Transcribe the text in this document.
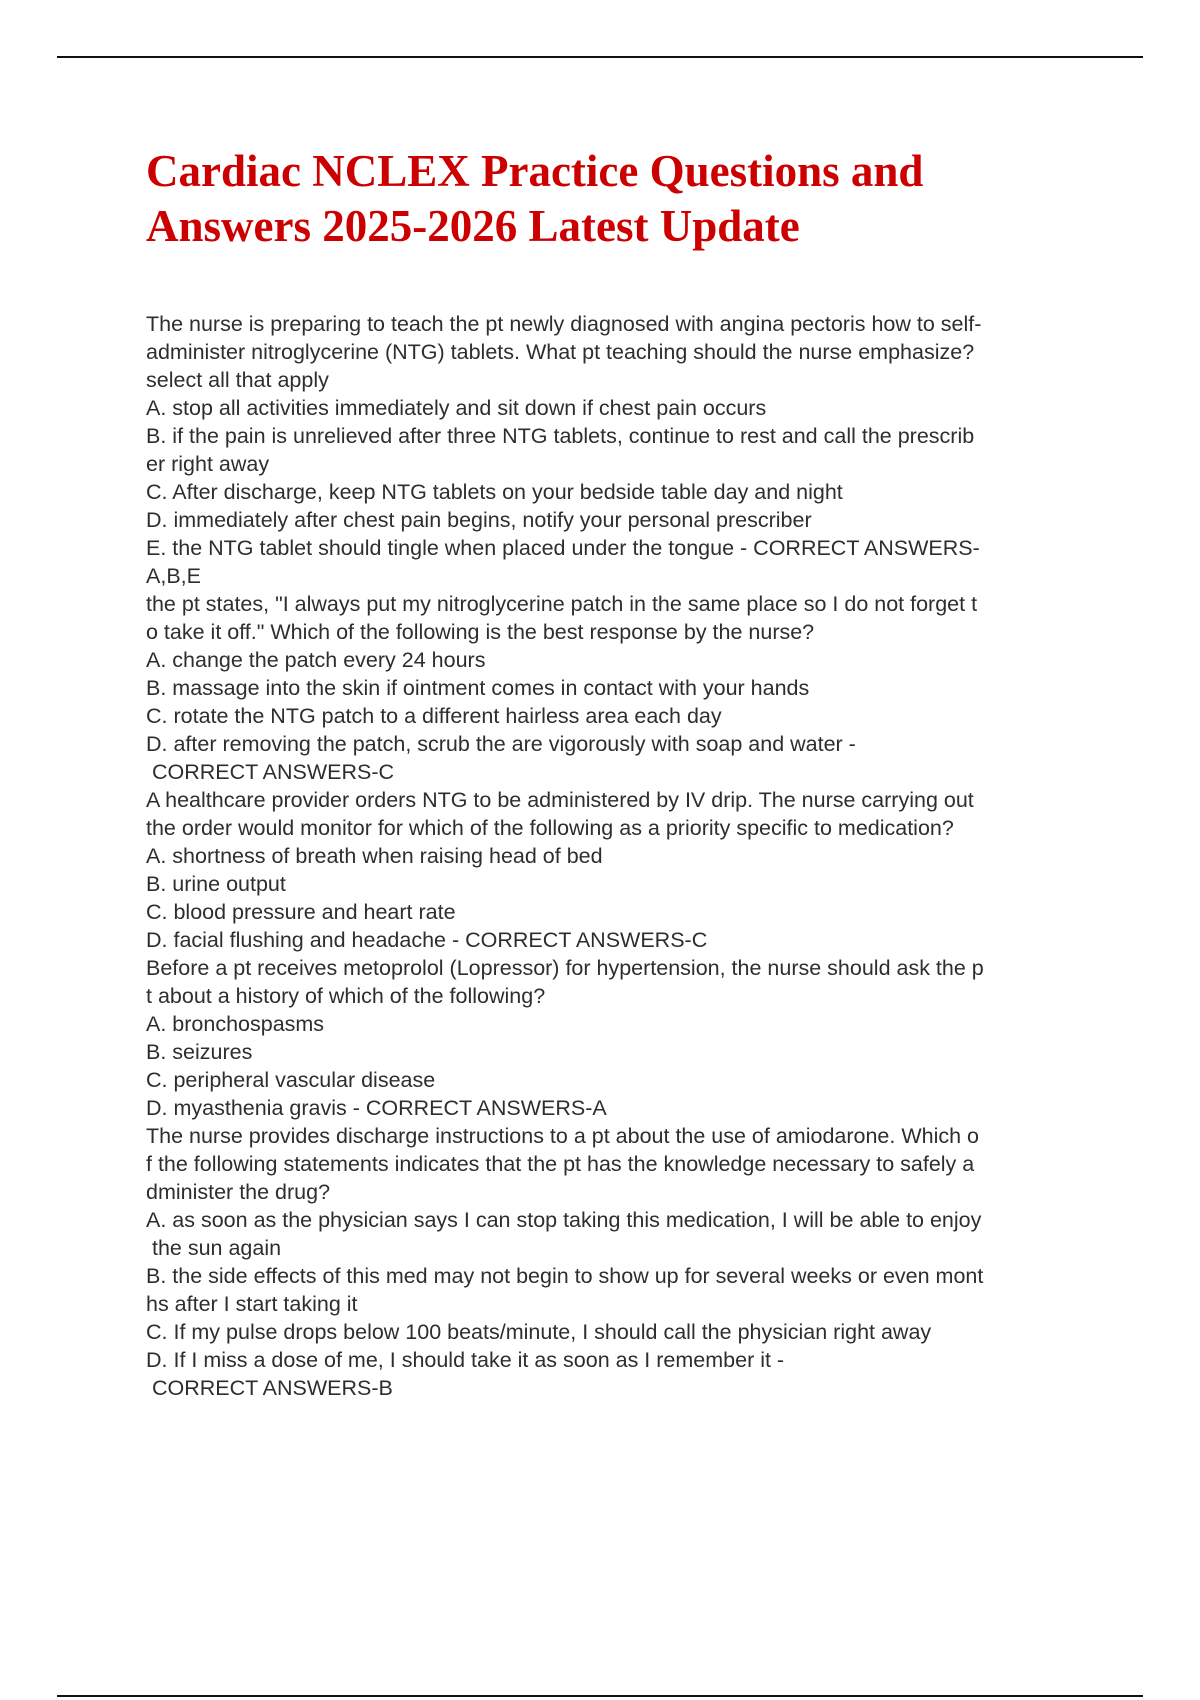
Cardiac NCLEX Practice Questions and
Answers 2025-2026 Latest Update
The nurse is preparing to teach the pt newly diagnosed with angina pectoris how to self-
administer nitroglycerine (NTG) tablets. What pt teaching should the nurse emphasize?
select all that apply
A. stop all activities immediately and sit down if chest pain occurs
B. if the pain is unrelieved after three NTG tablets, continue to rest and call the prescrib
er right away
C. After discharge, keep NTG tablets on your bedside table day and night
D. immediately after chest pain begins, notify your personal prescriber
E. the NTG tablet should tingle when placed under the tongue - CORRECT ANSWERS-
A,B,E
the pt states, "I always put my nitroglycerine patch in the same place so I do not forget t
o take it off." Which of the following is the best response by the nurse?
A. change the patch every 24 hours
B. massage into the skin if ointment comes in contact with your hands
C. rotate the NTG patch to a different hairless area each day
D. after removing the patch, scrub the are vigorously with soap and water -
CORRECT ANSWERS-C
A healthcare provider orders NTG to be administered by IV drip. The nurse carrying out
the order would monitor for which of the following as a priority specific to medication?
A. shortness of breath when raising head of bed
B. urine output
C. blood pressure and heart rate
D. facial flushing and headache - CORRECT ANSWERS-C
Before a pt receives metoprolol (Lopressor) for hypertension, the nurse should ask the p
t about a history of which of the following?
A. bronchospasms
B. seizures
C. peripheral vascular disease
D. myasthenia gravis - CORRECT ANSWERS-A
The nurse provides discharge instructions to a pt about the use of amiodarone. Which o
f the following statements indicates that the pt has the knowledge necessary to safely a
dminister the drug?
A. as soon as the physician says I can stop taking this medication, I will be able to enjoy
the sun again
B. the side effects of this med may not begin to show up for several weeks or even mont
hs after I start taking it
C. If my pulse drops below 100 beats/minute, I should call the physician right away
D. If I miss a dose of me, I should take it as soon as I remember it -
CORRECT ANSWERS-B
